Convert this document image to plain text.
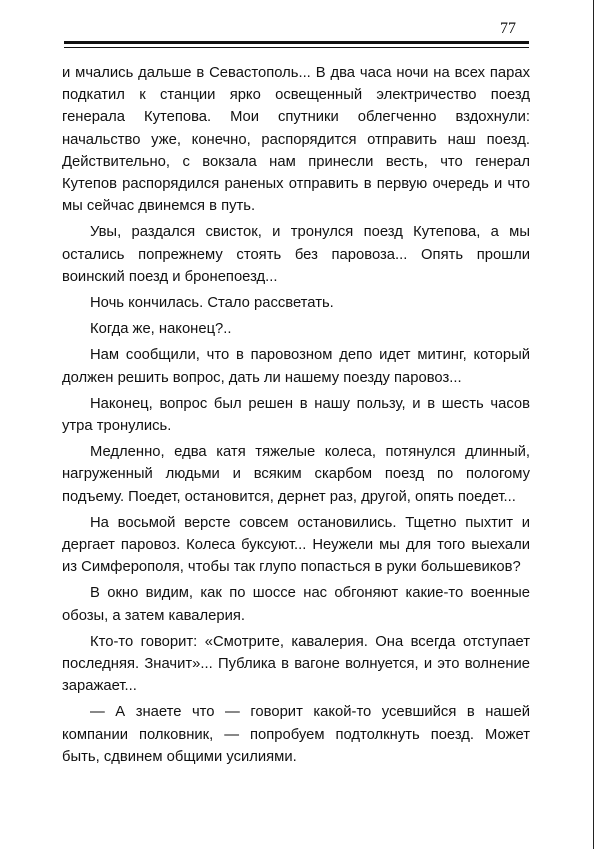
77

и мчались дальше в Севастополь... В два часа ночи на всех парах подкатил к станции ярко освещенный электричество поезд генерала Кутепова. Мои спутники облегченно вздохнули: начальство уже, конечно, распорядится отправить наш поезд. Действительно, с вокзала нам принесли весть, что генерал Кутепов распорядился раненых отправить в первую очередь и что мы сейчас двинемся в путь.

Увы, раздался свисток, и тронулся поезд Кутепова, а мы остались попрежнему стоять без паровоза... Опять прошли воинский поезд и бронепоезд...

Ночь кончилась. Стало рассветать.

Когда же, наконец?..

Нам сообщили, что в паровозном депо идет митинг, который должен решить вопрос, дать ли нашему поезду паровоз...

Наконец, вопрос был решен в нашу пользу, и в шесть часов утра тронулись.

Медленно, едва катя тяжелые колеса, потянулся длинный, нагруженный людьми и всяким скарбом поезд по пологому подъему. Поедет, остановится, дернет раз, другой, опять поедет...

На восьмой версте совсем остановились. Тщетно пыхтит и дергает паровоз. Колеса буксуют... Неужели мы для того выехали из Симферополя, чтобы так глупо попасться в руки большевиков?

В окно видим, как по шоссе нас обгоняют какие-то военные обозы, а затем кавалерия.

Кто-то говорит: «Смотрите, кавалерия. Она всегда отступает последняя. Значит»... Публика в вагоне волнуется, и это волнение заражает...

— А знаете что — говорит какой-то усевшийся в нашей компании полковник, — попробуем подтолкнуть поезд. Может быть, сдвинем общими усилиями.
